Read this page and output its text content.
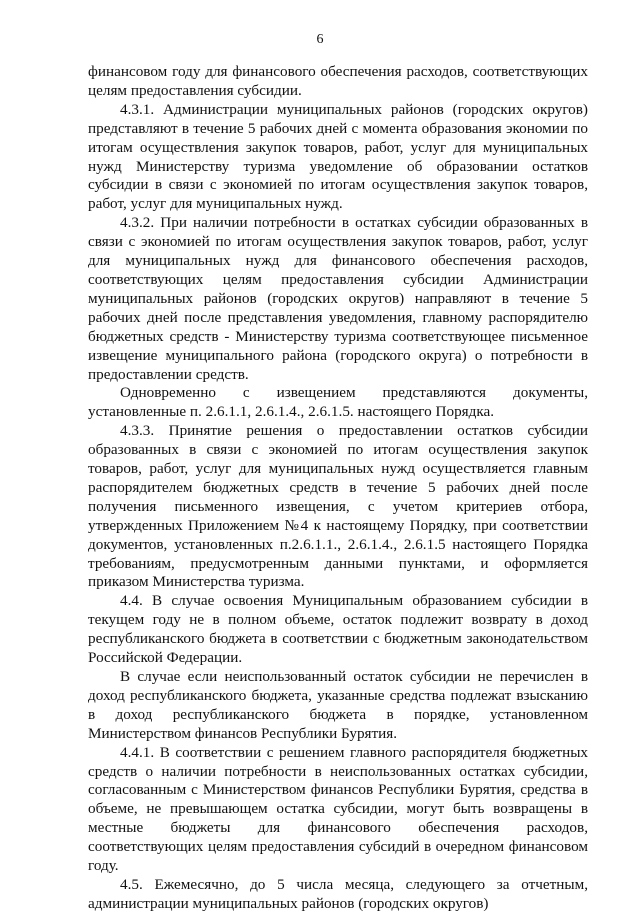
6

финансовом году для финансового обеспечения расходов, соответствующих целям предоставления субсидии.

4.3.1. Администрации муниципальных районов (городских округов) представляют в течение 5 рабочих дней с момента образования экономии по итогам осуществления закупок товаров, работ, услуг для муниципальных нужд Министерству туризма уведомление об образовании остатков субсидии в связи с экономией по итогам осуществления закупок товаров, работ, услуг для муниципальных нужд.

4.3.2. При наличии потребности в остатках субсидии образованных в связи с экономией по итогам осуществления закупок товаров, работ, услуг для муниципальных нужд для финансового обеспечения расходов, соответствующих целям предоставления субсидии Администрации муниципальных районов (городских округов) направляют в течение 5 рабочих дней после представления уведомления, главному распорядителю бюджетных средств - Министерству туризма соответствующее письменное извещение муниципального района (городского округа) о потребности в предоставлении средств.

Одновременно с извещением представляются документы, установленные п. 2.6.1.1, 2.6.1.4., 2.6.1.5. настоящего Порядка.

4.3.3. Принятие решения о предоставлении остатков субсидии образованных в связи с экономией по итогам осуществления закупок товаров, работ, услуг для муниципальных нужд осуществляется главным распорядителем бюджетных средств в течение 5 рабочих дней после получения письменного извещения, с учетом критериев отбора, утвержденных Приложением №4 к настоящему Порядку, при соответствии документов, установленных п.2.6.1.1., 2.6.1.4., 2.6.1.5 настоящего Порядка требованиям, предусмотренным данными пунктами, и оформляется приказом Министерства туризма.

4.4. В случае освоения Муниципальным образованием субсидии в текущем году не в полном объеме, остаток подлежит возврату в доход республиканского бюджета в соответствии с бюджетным законодательством Российской Федерации.

В случае если неиспользованный остаток субсидии не перечислен в доход республиканского бюджета, указанные средства подлежат взысканию в доход республиканского бюджета в порядке, установленном Министерством финансов Республики Бурятия.

4.4.1. В соответствии с решением главного распорядителя бюджетных средств о наличии потребности в неиспользованных остатках субсидии, согласованным с Министерством финансов Республики Бурятия, средства в объеме, не превышающем остатка субсидии, могут быть возвращены в местные бюджеты для финансового обеспечения расходов, соответствующих целям предоставления субсидий в очередном финансовом году.

4.5. Ежемесячно, до 5 числа месяца, следующего за отчетным, администрации муниципальных районов (городских округов)
